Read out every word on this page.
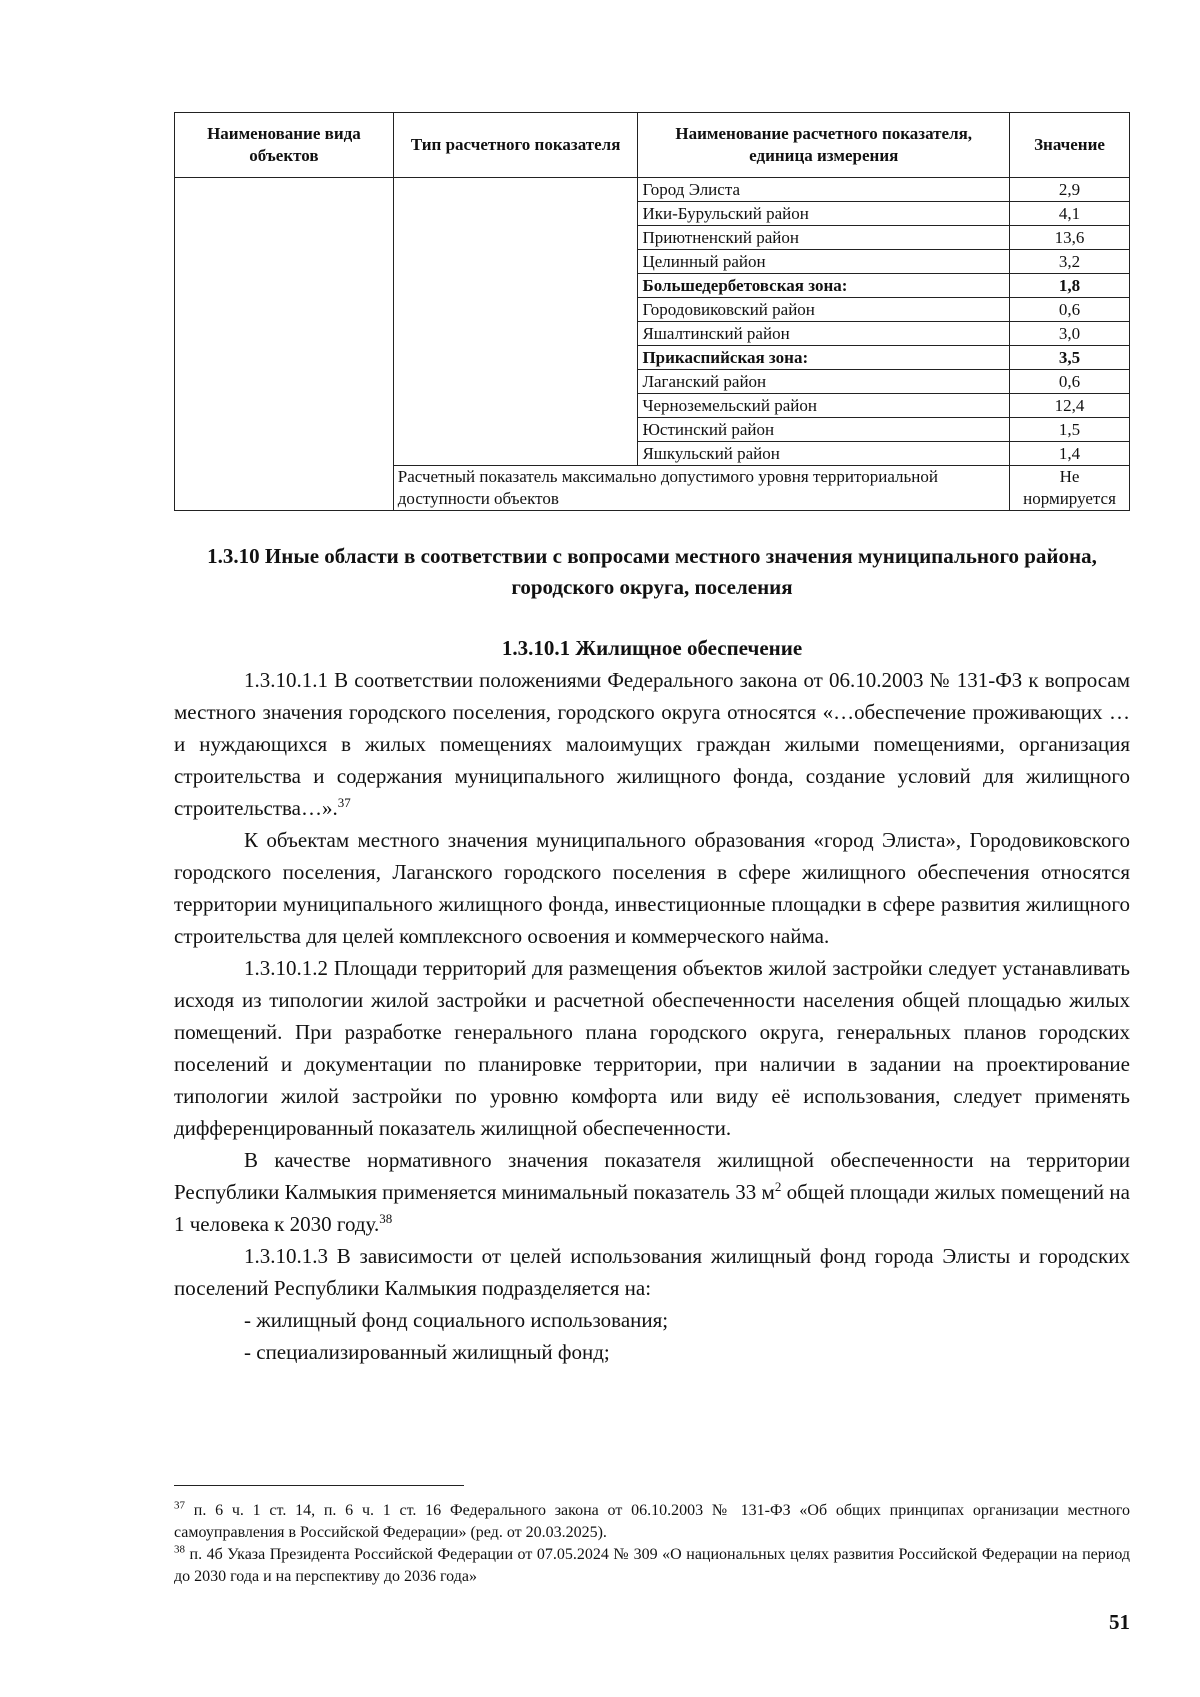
Наименование вида объектов	Тип расчетного показателя	Наименование расчетного показателя, единица измерения	Значение
		Город Элиста	2,9
		Ики-Бурульский район	4,1
		Приютненский район	13,6
		Целинный район	3,2
		Большедербетовская зона:	1,8
		Городовиковский район	0,6
		Яшалтинский район	3,0
		Прикаспийская зона:	3,5
		Лаганский район	0,6
		Черноземельский район	12,4
		Юстинский район	1,5
		Яшкульский район	1,4
	Расчетный показатель максимально допустимого уровня территориальной доступности объектов		Не нормируется
1.3.10 Иные области в соответствии с вопросами местного значения муниципального района, городского округа, поселения
1.3.10.1 Жилищное обеспечение

1.3.10.1.1 В соответствии положениями Федерального закона от 06.10.2003 № 131-ФЗ к вопросам местного значения городского поселения, городского округа относятся «…обеспечение проживающих … и нуждающихся в жилых помещениях малоимущих граждан жилыми помещениями, организация строительства и содержания муниципального жилищного фонда, создание условий для жилищного строительства…».$^{37}$

К объектам местного значения муниципального образования «город Элиста», Городовиковского городского поселения, Лаганского городского поселения в сфере жилищного обеспечения относятся территории муниципального жилищного фонда, инвестиционные площадки в сфере развития жилищного строительства для целей комплексного освоения и коммерческого найма.

1.3.10.1.2 Площади территорий для размещения объектов жилой застройки следует устанавливать исходя из типологии жилой застройки и расчетной обеспеченности населения общей площадью жилых помещений. При разработке генерального плана городского округа, генеральных планов городских поселений и документации по планировке территории, при наличии в задании на проектирование типологии жилой застройки по уровню комфорта или виду её использования, следует применять дифференцированный показатель жилищной обеспеченности.

В качестве нормативного значения показателя жилищной обеспеченности на территории Республики Калмыкия применяется минимальный показатель 33 $м^2$ общей площади жилых помещений на 1 человека к 2030 году.$^{38}$

1.3.10.1.3 В зависимости от целей использования жилищный фонд города Элисты и городских поселений Республики Калмыкия подразделяется на:

- жилищный фонд социального использования;

- специализированный жилищный фонд;

$^{37}$ п. 6 ч. 1 ст. 14, п. 6 ч. 1 ст. 16 Федерального закона от 06.10.2003 № 131-ФЗ «Об общих принципах организации местного самоуправления в Российской Федерации» (ред. от 20.03.2025).

$^{38}$ п. 4б Указа Президента Российской Федерации от 07.05.2024 № 309 «О национальных целях развития Российской Федерации на период до 2030 года и на перспективу до 2036 года»

51
